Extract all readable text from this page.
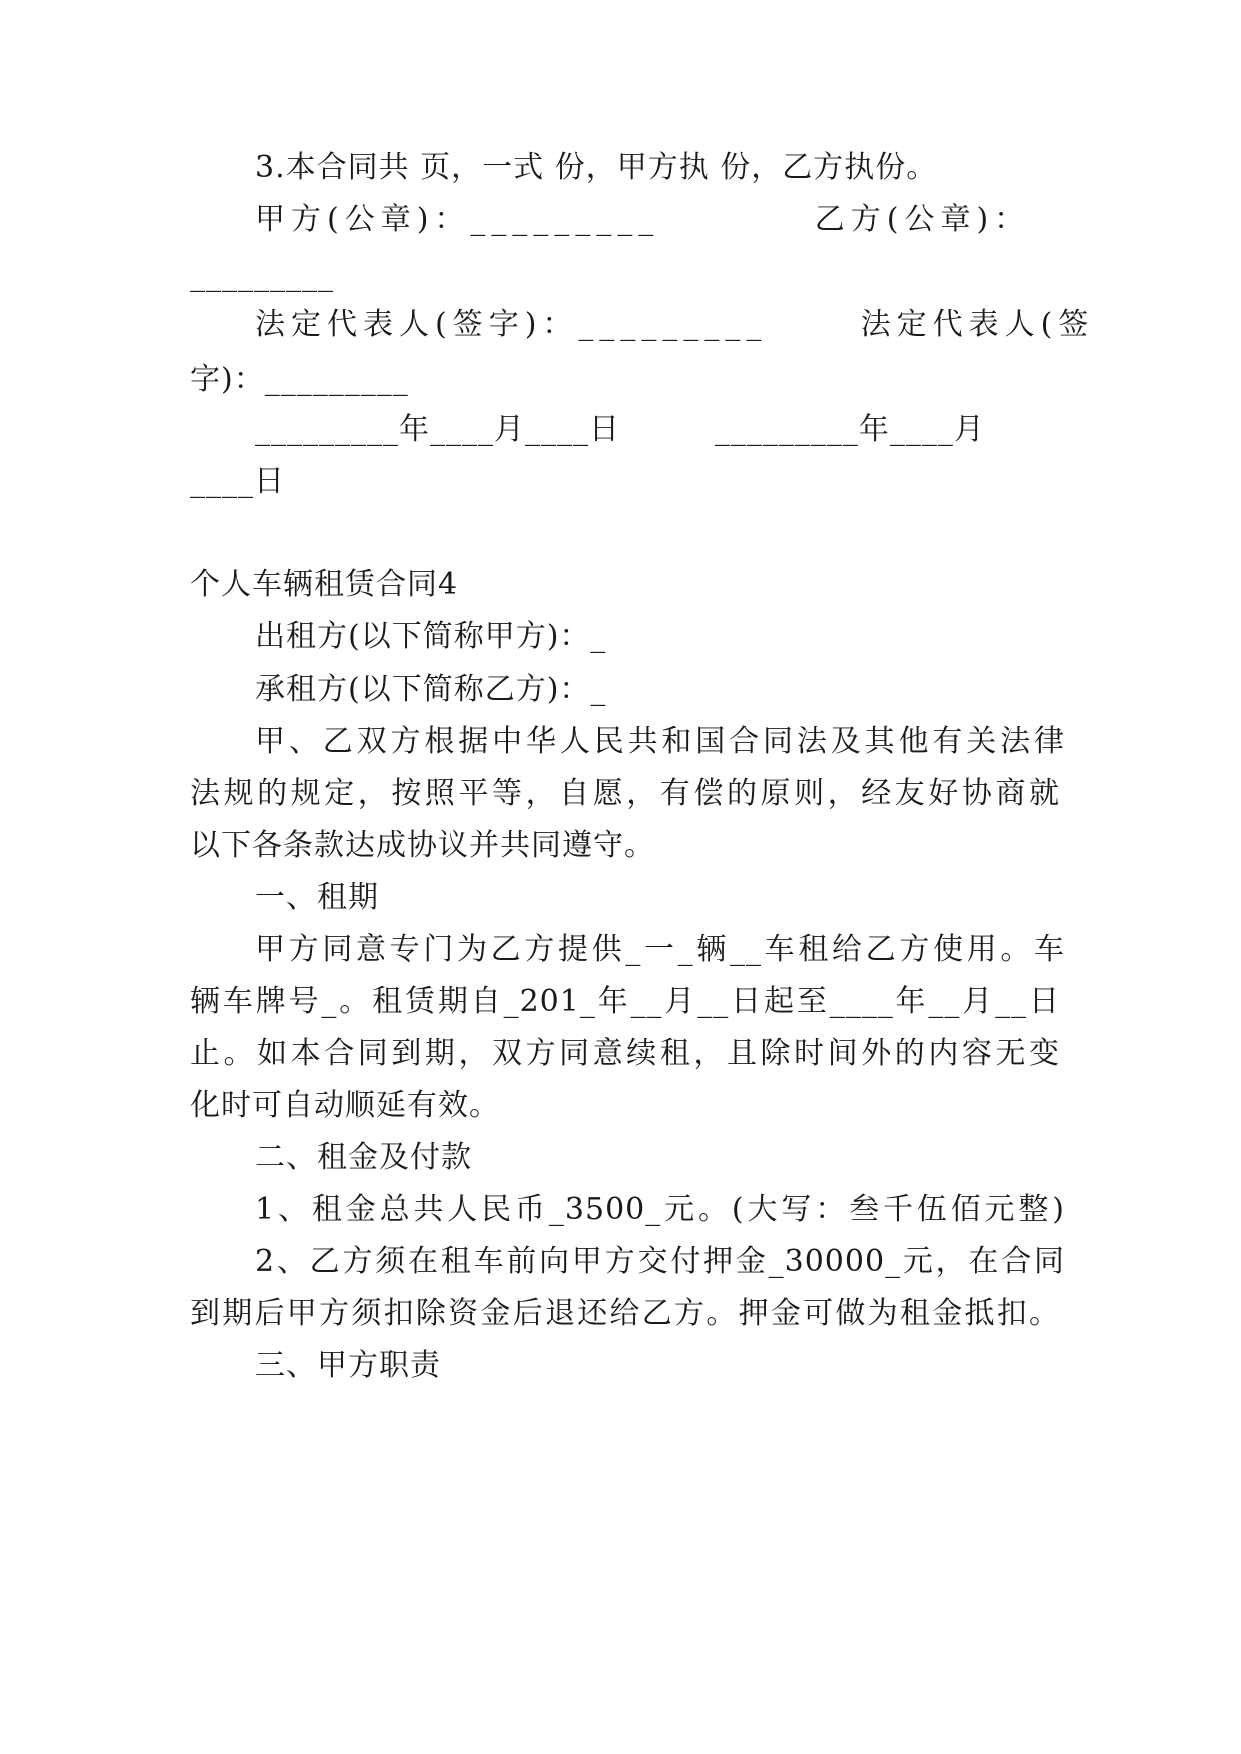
3.本合同共 页，一式 份，甲方执 份，乙方执份。
甲方(公章)：_________          乙方(公章)：
_________
法定代表人(签字)：_________      法定代表人(签
字)：_________
_________年____月____日         _________年____月
____日
个人车辆租赁合同4
出租方(以下简称甲方)：_
承租方(以下简称乙方)：_
甲、乙双方根据中华人民共和国合同法及其他有关法律
法规的规定，按照平等，自愿，有偿的原则，经友好协商就
以下各条款达成协议并共同遵守。
一、租期
甲方同意专门为乙方提供_一_辆__车租给乙方使用。车
辆车牌号_。租赁期自_201_年__月__日起至____年__月__日
止。如本合同到期，双方同意续租，且除时间外的内容无变
化时可自动顺延有效。
二、租金及付款
1、租金总共人民币_3500_元。(大写：叁千伍佰元整)
2、乙方须在租车前向甲方交付押金_30000_元，在合同
到期后甲方须扣除资金后退还给乙方。押金可做为租金抵扣。
三、甲方职责
